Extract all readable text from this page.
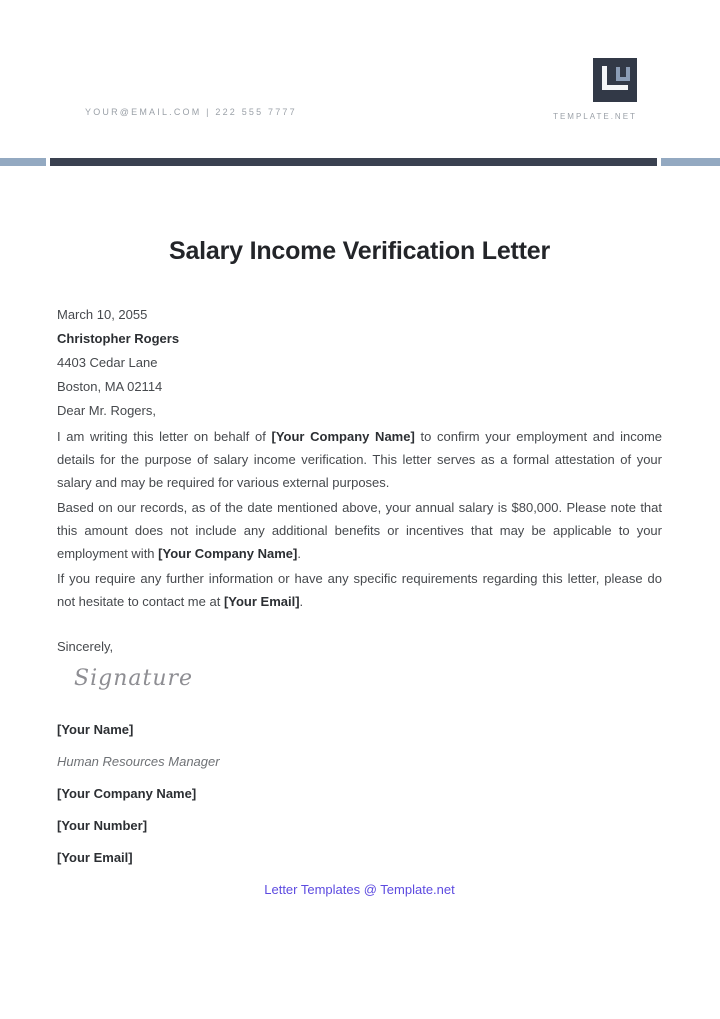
YOUR@EMAIL.COM | 222 555 7777	TEMPLATE.NET
Salary Income Verification Letter
March 10, 2055
Christopher Rogers
4403 Cedar Lane
Boston, MA 02114
Dear Mr. Rogers,

I am writing this letter on behalf of [Your Company Name] to confirm your employment and income details for the purpose of salary income verification. This letter serves as a formal attestation of your salary and may be required for various external purposes.

Based on our records, as of the date mentioned above, your annual salary is $80,000. Please note that this amount does not include any additional benefits or incentives that may be applicable to your employment with [Your Company Name].

If you require any further information or have any specific requirements regarding this letter, please do not hesitate to contact me at [Your Email].

Sincerely,
Signature
[Your Name]
Human Resources Manager
[Your Company Name]
[Your Number]
[Your Email]
Letter Templates @ Template.net
